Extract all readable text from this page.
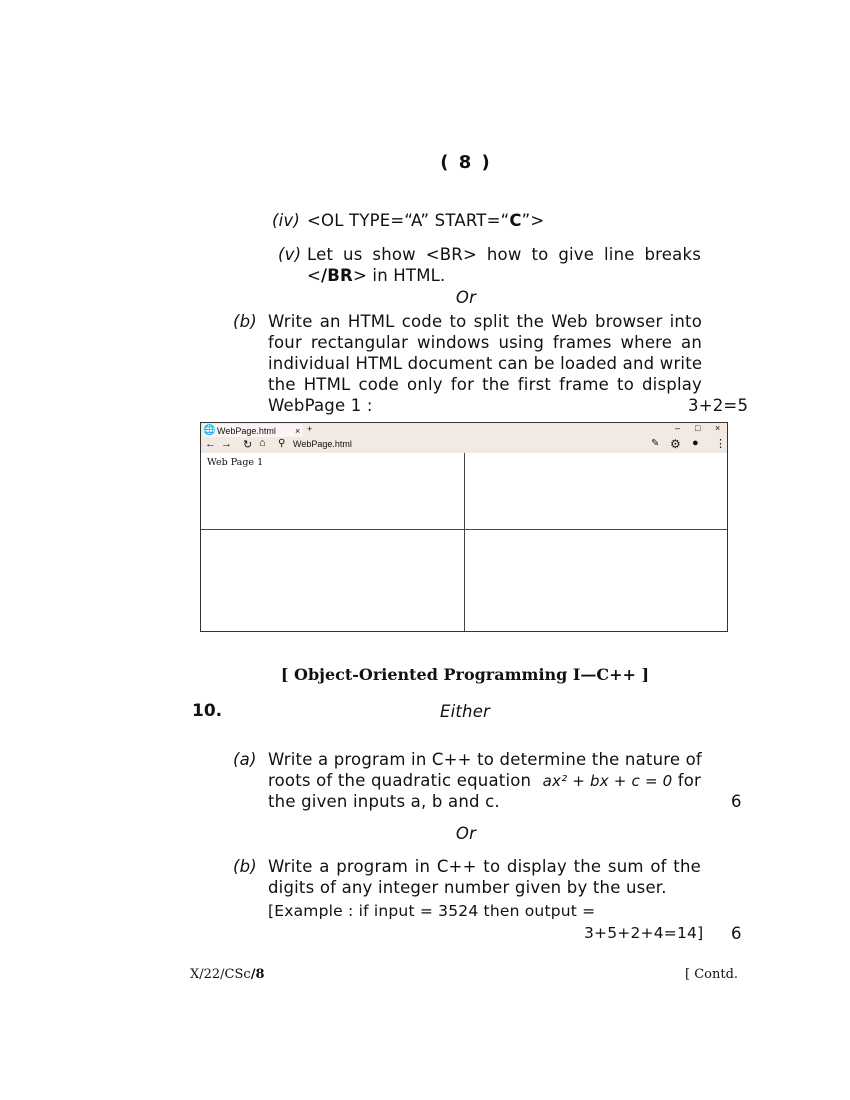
( 8 )
(iv) <OL TYPE=“A” START=“C”>
(v) Let us show <BR> how to give line breaks
</BR> in HTML.
Or
(b) Write an HTML code to split the Web browser into
four rectangular windows using frames where an
individual HTML document can be loaded and write
the HTML code only for the first frame to display
WebPage 1 :	3+2=5
🌐 WebPage.html × +	– □ ×
← → ↻ ⌂ ⚲ WebPage.html	✎ ⚙ ● ⋮
Web Page 1
[ Object-Oriented Programming I—C++ ]
10.	Either
(a) Write a program in C++ to determine the nature of
roots of the quadratic equation ax² + bx + c = 0 for
the given inputs a, b and c.	6
Or
(b) Write a program in C++ to display the sum of the
digits of any integer number given by the user.
[Example : if input = 3524 then output =
3+5+2+4=14] 6
X/22/CSc/8	[ Contd.
